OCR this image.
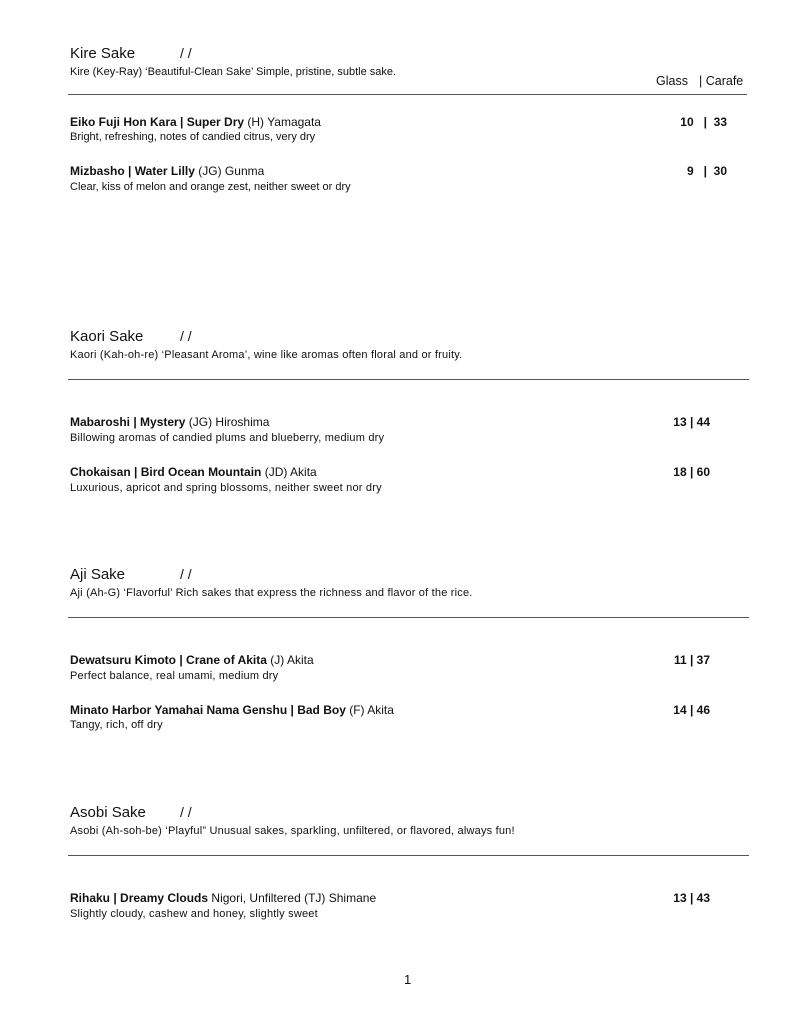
Kire Sake	/ /
Kire (Key-Ray) ‘Beautiful-Clean Sake’ Simple, pristine, subtle sake.
Glass | Carafe
Eiko Fuji Hon Kara | Super Dry (H) Yamagata
Bright, refreshing, notes of candied citrus, very dry
10   |  33
Mizbasho | Water Lilly (JG) Gunma
Clear, kiss of melon and orange zest, neither sweet or dry
9   |  30
Kaori Sake	/ /
Kaori (Kah-oh-re) ‘Pleasant Aroma’, wine like aromas often floral and or fruity.
Mabaroshi | Mystery (JG) Hiroshima
Billowing aromas of candied plums and blueberry, medium dry
13 | 44
Chokaisan | Bird Ocean Mountain (JD) Akita
Luxurious, apricot and spring blossoms, neither sweet nor dry
18 | 60
Aji Sake	/ /
Aji (Ah-G) ‘Flavorful’ Rich sakes that express the richness and flavor of the rice.
Dewatsuru Kimoto | Crane of Akita (J) Akita
Perfect balance, real umami, medium dry
11 | 37
Minato Harbor Yamahai Nama Genshu | Bad Boy (F) Akita
Tangy, rich, off dry
14 | 46
Asobi Sake / /
Asobi (Ah-soh-be) ‘Playful” Unusual sakes, sparkling, unfiltered, or flavored, always fun!
Rihaku | Dreamy Clouds Nigori, Unfiltered (TJ) Shimane
Slightly cloudy, cashew and honey, slightly sweet
13 | 43
1
